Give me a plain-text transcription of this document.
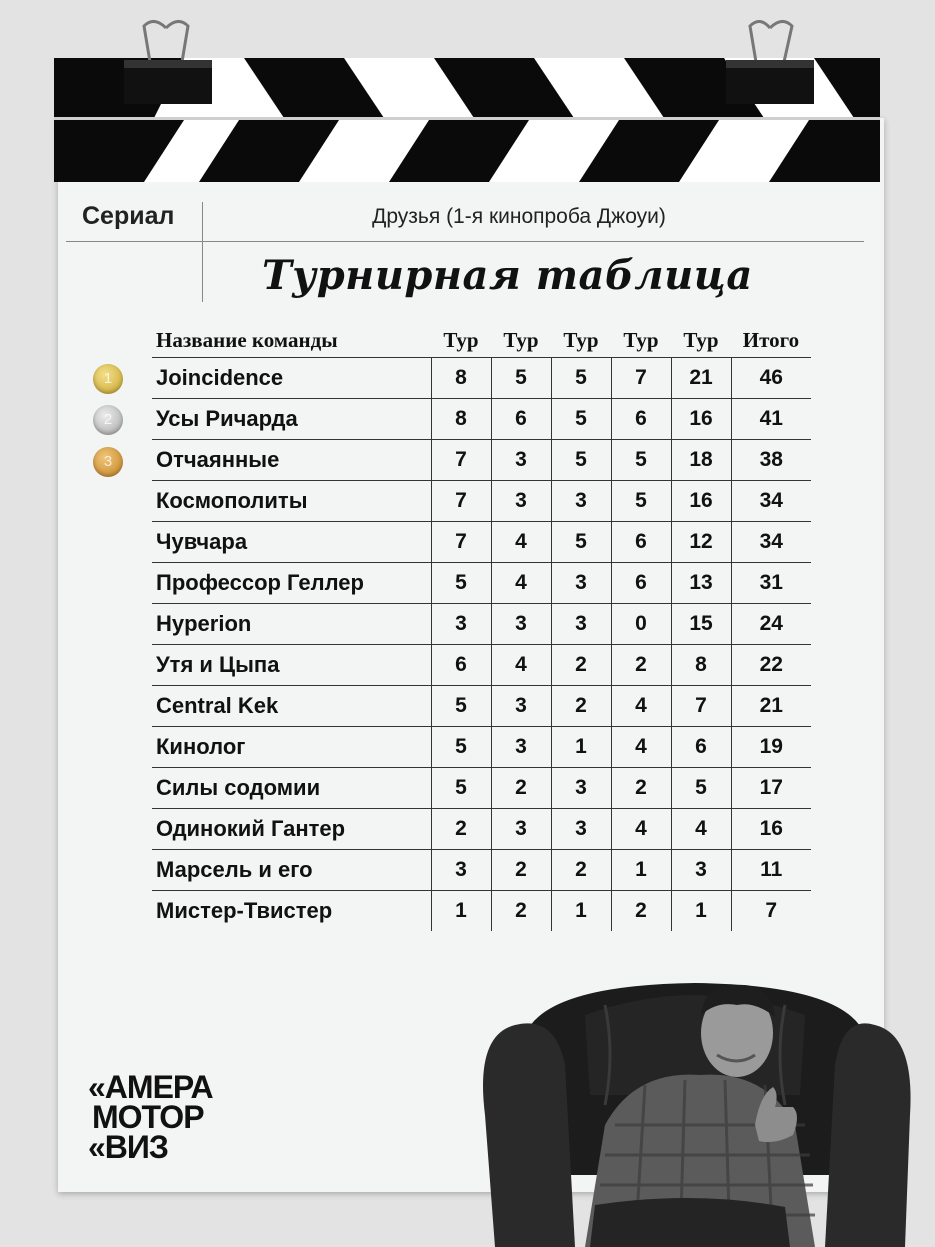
Сериал	Друзья (1-я кинопроба Джоуи)
Турнирная таблица
1
2
3
Название команды	Тур	Тур	Тур	Тур	Тур	Итого
Joincidence	8	5	5	7	21	46
Усы Ричарда	8	6	5	6	16	41
Отчаянные	7	3	5	5	18	38
Космополиты	7	3	3	5	16	34
Чувчара	7	4	5	6	12	34
Профессор Геллер	5	4	3	6	13	31
Hyperion	3	3	3	0	15	24
Утя и Цыпа	6	4	2	2	8	22
Central Kek	5	3	2	4	7	21
Кинолог	5	3	1	4	6	19
Силы содомии	5	2	3	2	5	17
Одинокий Гантер	2	3	3	4	4	16
Марсель и его	3	2	2	1	3	11
Мистер-Твистер	1	2	1	2	1	7
«АМЕРА
МОТОР
«ВИЗ
